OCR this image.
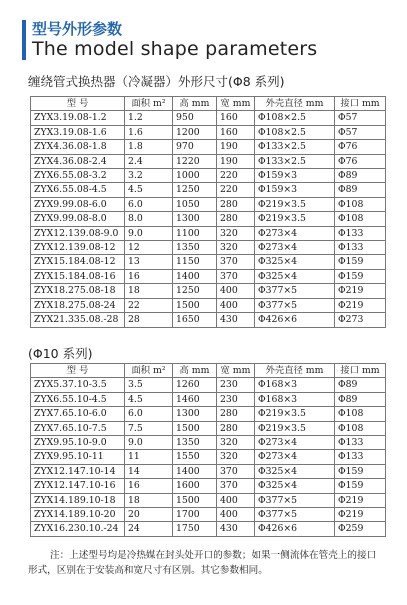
型号外形参数
The model shape parameters
缠绕管式换热器（冷凝器）外形尺寸(Φ8 系列)
型 号	面积 m²	高 mm	宽 mm	外壳直径 mm	接口 mm
ZYX3.19.08-1.2	1.2	950	160	Φ108×2.5	Φ57
ZYX3.19.08-1.6	1.6	1200	160	Φ108×2.5	Φ57
ZYX4.36.08-1.8	1.8	970	190	Φ133×2.5	Φ76
ZYX4.36.08-2.4	2.4	1220	190	Φ133×2.5	Φ76
ZYX6.55.08-3.2	3.2	1000	220	Φ159×3	Φ89
ZYX6.55.08-4.5	4.5	1250	220	Φ159×3	Φ89
ZYX9.99.08-6.0	6.0	1050	280	Φ219×3.5	Φ108
ZYX9.99.08-8.0	8.0	1300	280	Φ219×3.5	Φ108
ZYX12.139.08-9.0	9.0	1100	320	Φ273×4	Φ133
ZYX12.139.08-12	12	1350	320	Φ273×4	Φ133
ZYX15.184.08-12	13	1150	370	Φ325×4	Φ159
ZYX15.184.08-16	16	1400	370	Φ325×4	Φ159
ZYX18.275.08-18	18	1250	400	Φ377×5	Φ219
ZYX18.275.08-24	22	1500	400	Φ377×5	Φ219
ZYX21.335.08.-28	28	1650	430	Φ426×6	Φ273
(Φ10 系列)
型 号	面积 m²	高 mm	宽 mm	外壳直径 mm	接口 mm
ZYX5.37.10-3.5	3.5	1260	230	Φ168×3	Φ89
ZYX6.55.10-4.5	4.5	1460	230	Φ168×3	Φ89
ZYX7.65.10-6.0	6.0	1300	280	Φ219×3.5	Φ108
ZYX7.65.10-7.5	7.5	1500	280	Φ219×3.5	Φ108
ZYX9.95.10-9.0	9.0	1350	320	Φ273×4	Φ133
ZYX9.95.10-11	11	1550	320	Φ273×4	Φ133
ZYX12.147.10-14	14	1400	370	Φ325×4	Φ159
ZYX12.147.10-16	16	1600	370	Φ325×4	Φ159
ZYX14.189.10-18	18	1500	400	Φ377×5	Φ219
ZYX14.189.10-20	20	1700	400	Φ377×5	Φ219
ZYX16.230.10.-24	24	1750	430	Φ426×6	Φ259
注：上述型号均是冷热媒在封头处开口的参数；如果一侧流体在管壳上的接口形式，区别在于安装高和宽尺寸有区别。其它参数相同。
